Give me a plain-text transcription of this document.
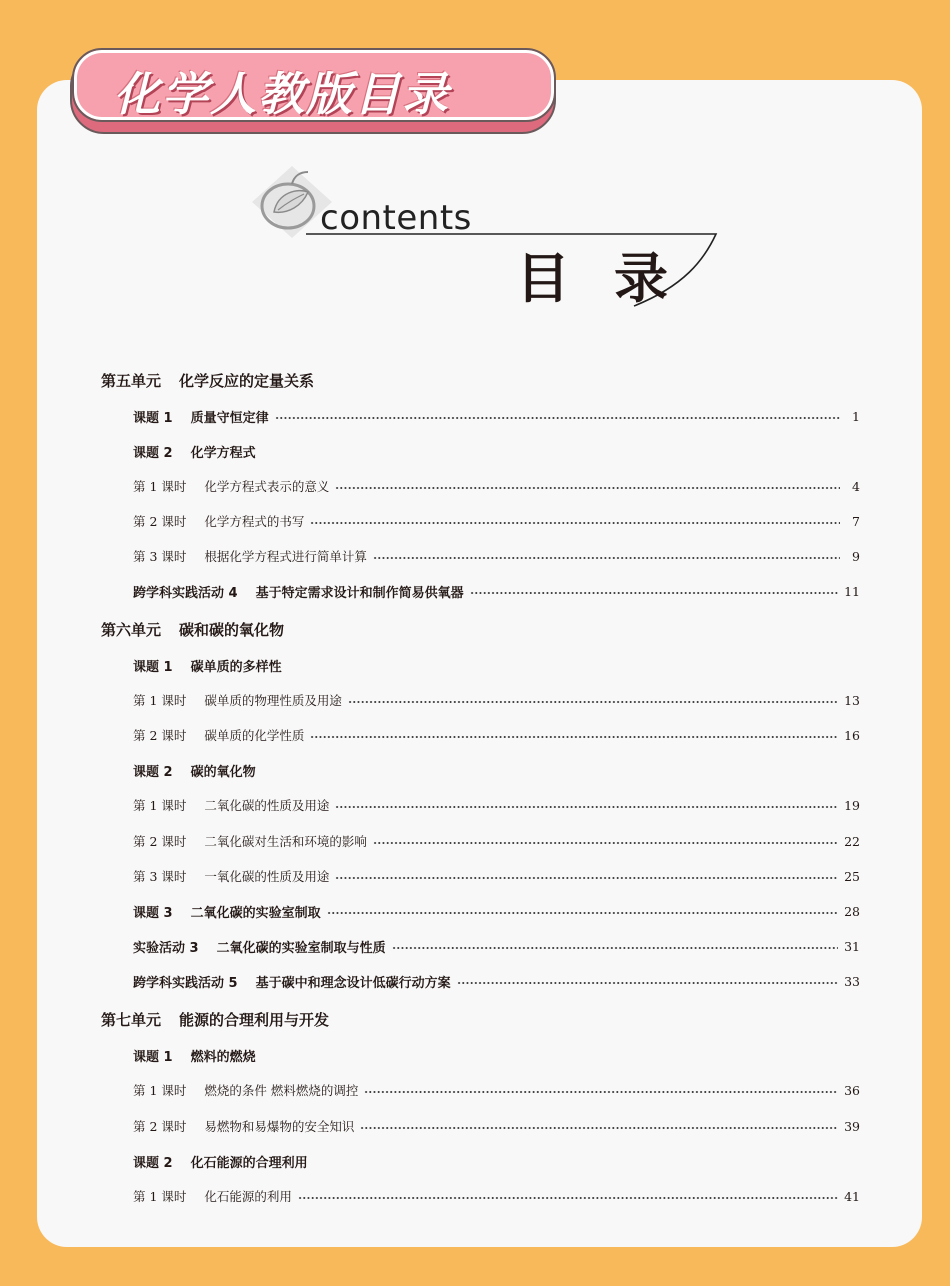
化学人教版目录
contents
目录
第五单元 化学反应的定量关系
课题 1 质量守恒定律	1
课题 2 化学方程式
第 1 课时 化学方程式表示的意义	4
第 2 课时 化学方程式的书写	7
第 3 课时 根据化学方程式进行简单计算	9
跨学科实践活动 4 基于特定需求设计和制作简易供氧器	11
第六单元 碳和碳的氧化物
课题 1 碳单质的多样性
第 1 课时 碳单质的物理性质及用途	13
第 2 课时 碳单质的化学性质	16
课题 2 碳的氧化物
第 1 课时 二氧化碳的性质及用途	19
第 2 课时 二氧化碳对生活和环境的影响	22
第 3 课时 一氧化碳的性质及用途	25
课题 3 二氧化碳的实验室制取	28
实验活动 3 二氧化碳的实验室制取与性质	31
跨学科实践活动 5 基于碳中和理念设计低碳行动方案	33
第七单元 能源的合理利用与开发
课题 1 燃料的燃烧
第 1 课时 燃烧的条件 燃料燃烧的调控	36
第 2 课时 易燃物和易爆物的安全知识	39
课题 2 化石能源的合理利用
第 1 课时 化石能源的利用	41
